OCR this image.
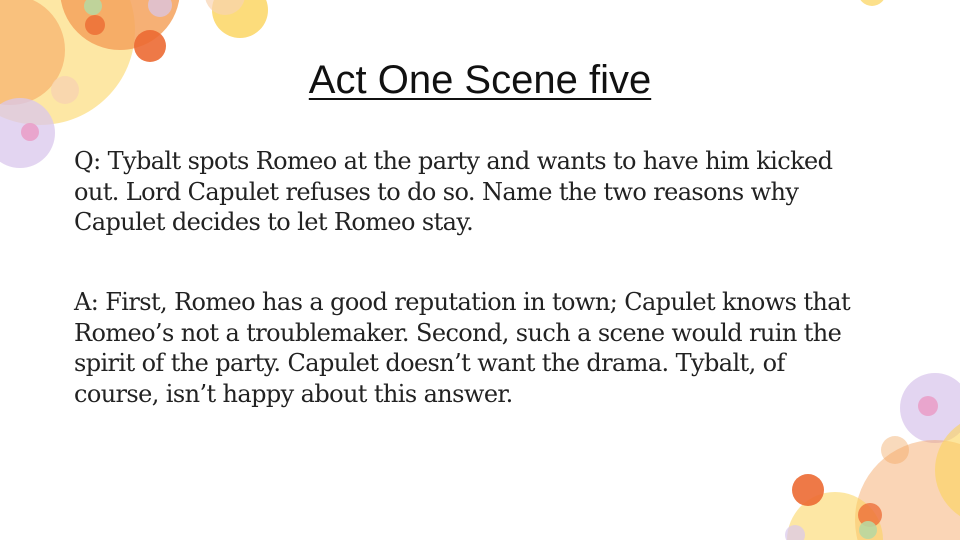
Act One Scene five
Q: Tybalt spots Romeo at the party and wants to have him kicked
out. Lord Capulet refuses to do so. Name the two reasons why
Capulet decides to let Romeo stay.
A: First, Romeo has a good reputation in town; Capulet knows that
Romeo’s not a troublemaker. Second, such a scene would ruin the
spirit of the party. Capulet doesn’t want the drama. Tybalt, of
course, isn’t happy about this answer.
